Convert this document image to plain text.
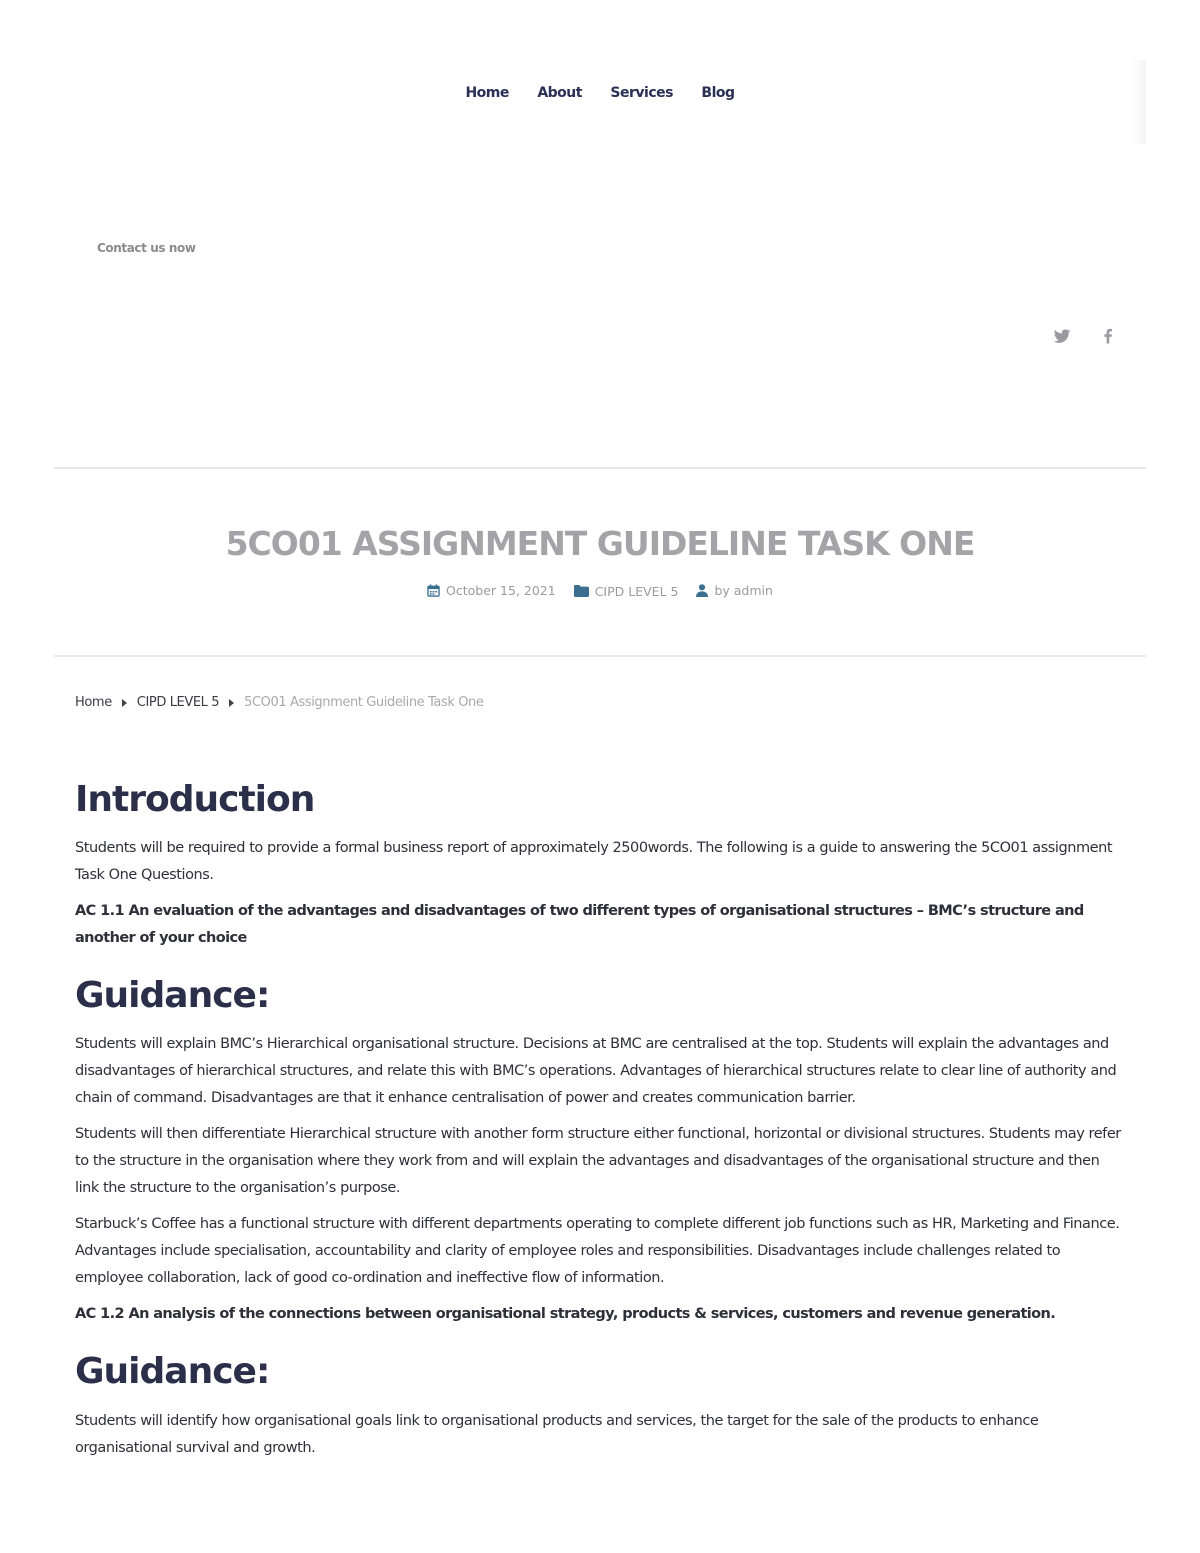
Home About Services Blog
Contact us now
5CO01 ASSIGNMENT GUIDELINE TASK ONE
October 15, 2021
	CIPD LEVEL 5
	by admin
Home CIPD LEVEL 5 5CO01 Assignment Guideline Task One
Introduction

Students will be required to provide a formal business report of approximately 2500words. The following is a guide to answering the 5CO01 assignment Task One Questions.

AC 1.1 An evaluation of the advantages and disadvantages of two different types of organisational structures – BMC’s structure and another of your choice

Guidance:

Students will explain BMC’s Hierarchical organisational structure. Decisions at BMC are centralised at the top. Students will explain the advantages and disadvantages of hierarchical structures, and relate this with BMC’s operations. Advantages of hierarchical structures relate to clear line of authority and chain of command. Disadvantages are that it enhance centralisation of power and creates communication barrier.

Students will then differentiate Hierarchical structure with another form structure either functional, horizontal or divisional structures. Students may refer to the structure in the organisation where they work from and will explain the advantages and disadvantages of the organisational structure and then link the structure to the organisation’s purpose.

Starbuck’s Coffee has a functional structure with different departments operating to complete different job functions such as HR, Marketing and Finance. Advantages include specialisation, accountability and clarity of employee roles and responsibilities. Disadvantages include challenges related to employee collaboration, lack of good co-ordination and ineffective flow of information.

AC 1.2 An analysis of the connections between organisational strategy, products & services, customers and revenue generation.

Guidance:

Students will identify how organisational goals link to organisational products and services, the target for the sale of the products to enhance organisational survival and growth.
